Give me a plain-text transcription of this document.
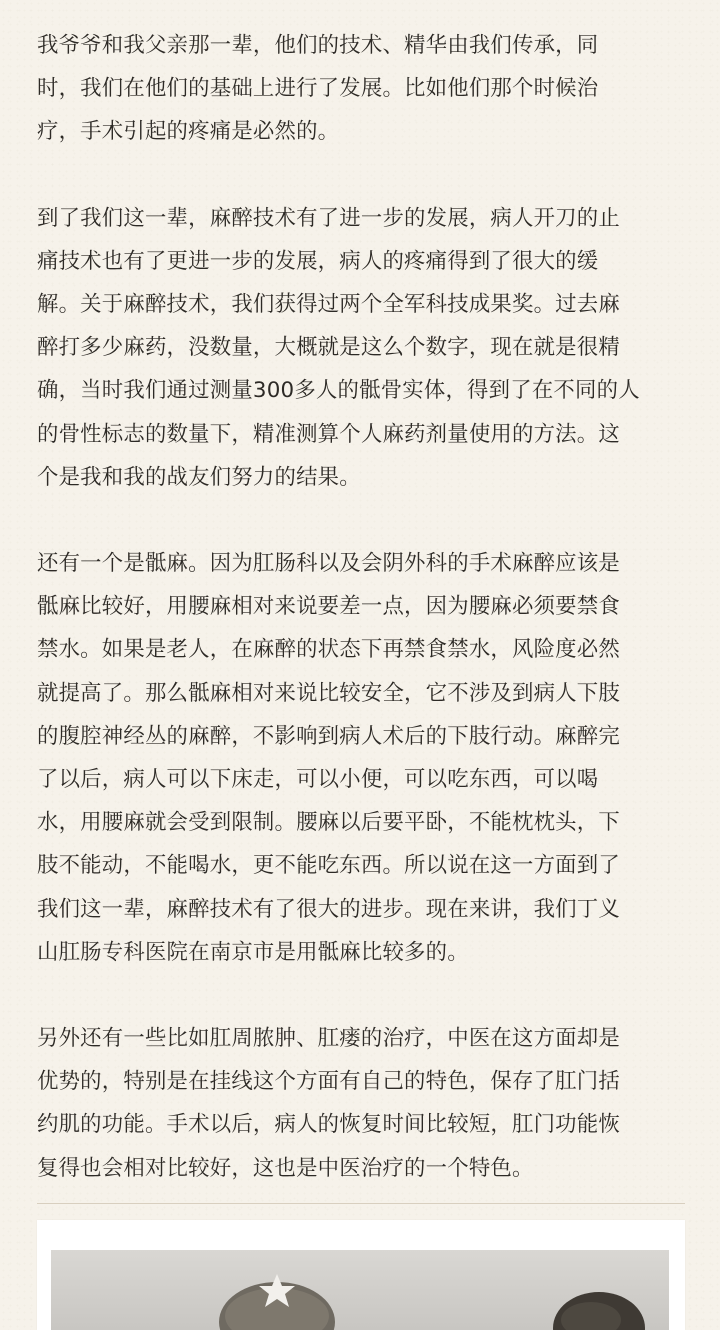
我爷爷和我父亲那一辈，他们的技术、精华由我们传承，同
时，我们在他们的基础上进行了发展。比如他们那个时候治
疗，手术引起的疼痛是必然的。

到了我们这一辈，麻醉技术有了进一步的发展，病人开刀的止
痛技术也有了更进一步的发展，病人的疼痛得到了很大的缓
解。关于麻醉技术，我们获得过两个全军科技成果奖。过去麻
醉打多少麻药，没数量，大概就是这么个数字，现在就是很精
确，当时我们通过测量300多人的骶骨实体，得到了在不同的人
的骨性标志的数量下，精准测算个人麻药剂量使用的方法。这
个是我和我的战友们努力的结果。

还有一个是骶麻。因为肛肠科以及会阴外科的手术麻醉应该是
骶麻比较好，用腰麻相对来说要差一点，因为腰麻必须要禁食
禁水。如果是老人，在麻醉的状态下再禁食禁水，风险度必然
就提高了。那么骶麻相对来说比较安全，它不涉及到病人下肢
的腹腔神经丛的麻醉，不影响到病人术后的下肢行动。麻醉完
了以后，病人可以下床走，可以小便，可以吃东西，可以喝
水，用腰麻就会受到限制。腰麻以后要平卧，不能枕枕头，下
肢不能动，不能喝水，更不能吃东西。所以说在这一方面到了
我们这一辈，麻醉技术有了很大的进步。现在来讲，我们丁义
山肛肠专科医院在南京市是用骶麻比较多的。

另外还有一些比如肛周脓肿、肛瘘的治疗，中医在这方面却是
优势的，特别是在挂线这个方面有自己的特色，保存了肛门括
约肌的功能。手术以后，病人的恢复时间比较短，肛门功能恢
复得也会相对比较好，这也是中医治疗的一个特色。
